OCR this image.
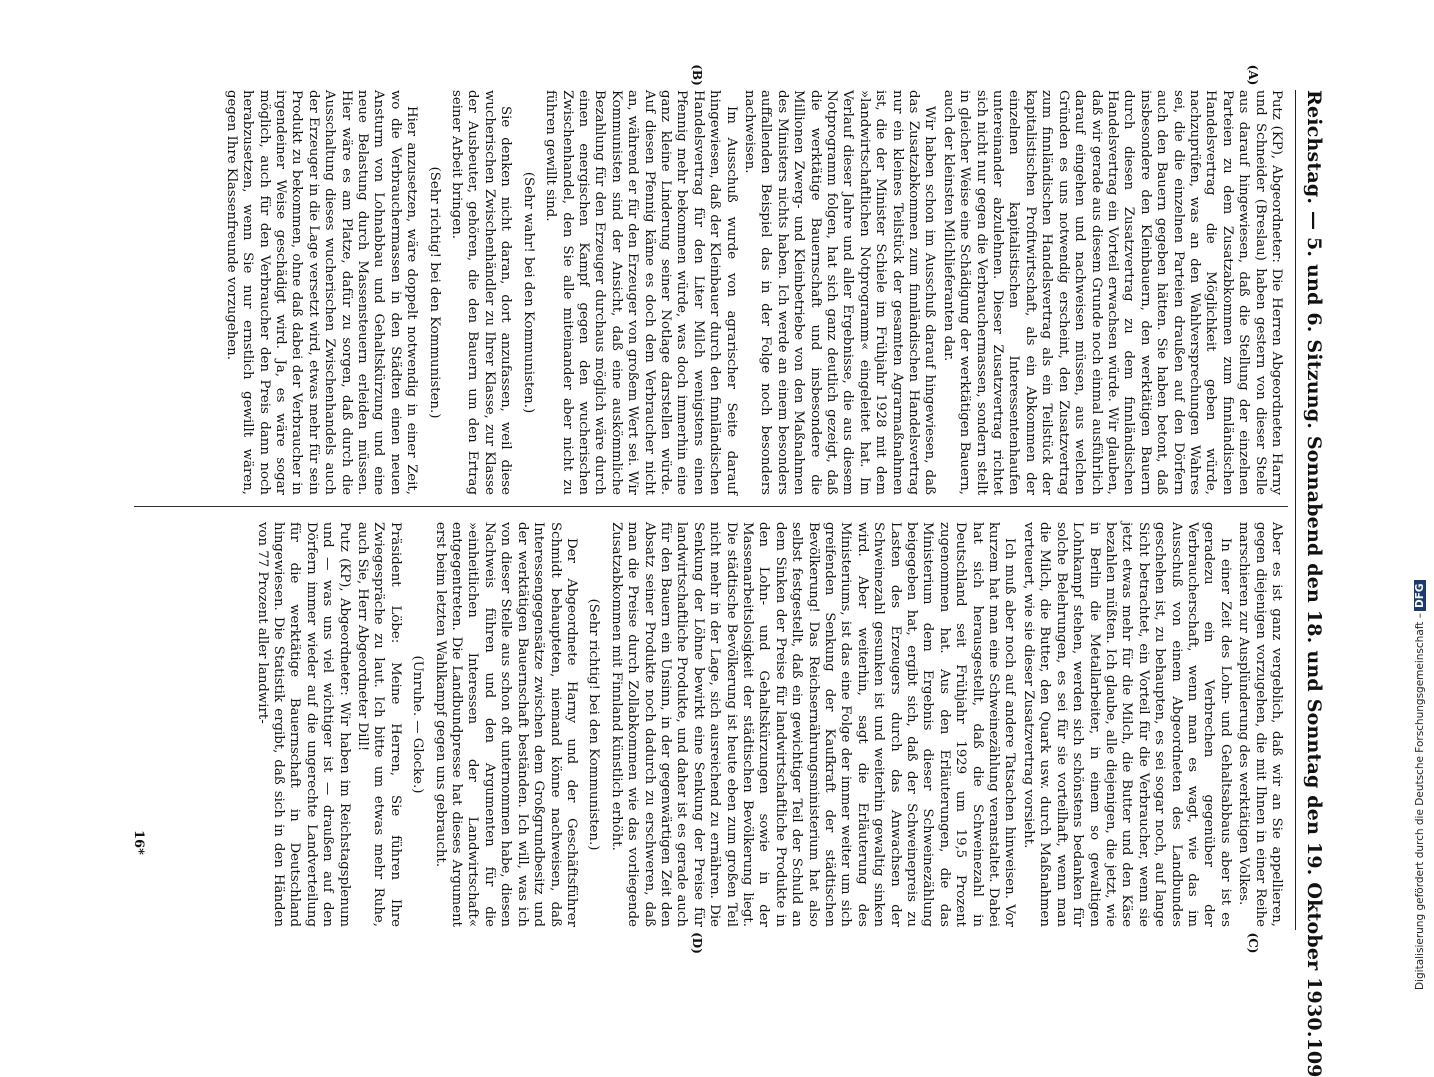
Reichstag. — 5. und 6. Sitzung. Sonnabend den 18. und Sonntag den 19. Oktober 1930.
109
(A)
(B)
(C)
(D)

Putz (KP), Abgeordneter: Die Herren Abgeordneten Harny und Schneider (Breslau) haben gestern von dieser Stelle aus darauf hingewiesen, daß die Stellung der einzelnen Parteien zu dem Zusatzabkommen zum finnländischen Handelsvertrag die Möglichkeit geben würde, nachzuprüfen, was an den Wahlversprechungen Wahres sei, die die einzelnen Parteien draußen auf den Dörfern auch den Bauern gegeben hätten. Sie haben betont, daß insbesondere den Kleinbauern, den werktätigen Bauern durch diesen Zusatzvertrag zu dem finnländischen Handelsvertrag ein Vorteil erwachsen würde. Wir glauben, daß wir gerade aus diesem Grunde noch einmal ausführlich darauf eingehen und nachweisen müssen, aus welchen Gründen es uns notwendig erscheint, den Zusatzvertrag zum finnländischen Handelsvertrag als ein Teilstück der kapitalistischen Profitwirtschaft, als ein Abkommen der einzelnen kapitalistischen Interessentenhaufen untereinander abzulehnen. Dieser Zusatzvertrag richtet sich nicht nur gegen die Verbrauchermassen, sondern stellt in gleicher Weise eine Schädigung der werktätigen Bauern, auch der kleinsten Milchlieferanten dar.

Wir haben schon im Ausschuß darauf hingewiesen, daß das Zusatzabkommen zum finnländischen Handelsvertrag nur ein kleines Teilstück der gesamten Agrarmaßnahmen ist, die der Minister Schiele im Frühjahr 1928 mit dem »landwirtschaftlichen Notprogramm« eingeleitet hat. Im Verlauf dieser Jahre und aller Ergebnisse, die aus diesem Notprogramm folgen, hat sich ganz deutlich gezeigt, daß die werktätige Bauernschaft und insbesondere die Millionen Zwerg- und Kleinbetriebe von den Maßnahmen des Ministers nichts haben. Ich werde an einem besonders auffallenden Beispiel das in der Folge noch besonders nachweisen.

Im Ausschuß wurde von agrarischer Seite darauf hingewiesen, daß der Kleinbauer durch den finnländischen Handelsvertrag für den Liter Milch wenigstens einen Pfennig mehr bekommen würde, was doch immerhin eine ganz kleine Linderung seiner Notlage darstellen würde. Auf diesen Pfennig käme es doch dem Verbraucher nicht an, während er für den Erzeuger von großem Wert sei. Wir Kommunisten sind der Ansicht, daß eine auskömmliche Bezahlung für den Erzeuger durchaus möglich wäre durch einen energischen Kampf gegen den wucherischen Zwischenhandel, den Sie alle miteinander aber nicht zu führen gewillt sind.

(Sehr wahr! bei den Kommunisten.)

Sie denken nicht daran, dort anzufassen, weil diese wucherischen Zwischenhändler zu Ihrer Klasse, zur Klasse der Ausbeuter, gehören, die den Bauern um den Ertrag seiner Arbeit bringen.

(Sehr richtig! bei den Kommunisten.)

Hier anzusetzen, wäre doppelt notwendig in einer Zeit, wo die Verbrauchermassen in den Städten einen neuen Ansturm von Lohnabbau und Gehaltskürzung und eine neue Belastung durch Massensteuern erleiden müssen. Hier wäre es am Platze, dafür zu sorgen, daß durch die Ausschaltung dieses wucherischen Zwischenhandels auch der Erzeuger in die Lage versetzt wird, etwas mehr für sein Produkt zu bekommen, ohne daß dabei der Verbraucher in irgendeiner Weise geschädigt wird. Ja, es wäre sogar möglich, auch für den Verbraucher den Preis dann noch herabzusetzen, wenn Sie nur ernstlich gewillt wären, gegen Ihre Klassenfreunde vorzugehen.

Aber es ist ganz vergeblich, daß wir an Sie appellieren, gegen diejenigen vorzugehen, die mit Ihnen in einer Reihe marschieren zur Ausplünderung des werktätigen Volkes.

In einer Zeit des Lohn- und Gehaltsabbaus aber ist es geradezu ein Verbrechen gegenüber der Verbraucherschaft, wenn man es wagt, wie das im Ausschuß von einem Abgeordneten des Landbundes geschehen ist, zu behaupten, es sei sogar noch, auf lange Sicht betrachtet, ein Vorteil für die Verbraucher, wenn sie jetzt etwas mehr für die Milch, die Butter und den Käse bezahlen müßten. Ich glaube, alle diejenigen, die jetzt, wie in Berlin die Metallarbeiter, in einem so gewaltigen Lohnkampf stehen, werden sich schönstens bedanken für solche Belehrungen, es sei für sie vorteilhaft, wenn man die Milch, die Butter, den Quark usw. durch Maßnahmen verteuert, wie sie dieser Zusatzvertrag vorsieht.

Ich muß aber noch auf andere Tatsachen hinweisen. Vor kurzem hat man eine Schweinezählung veranstaltet. Dabei hat sich herausgestellt, daß die Schweinezahl in Deutschland seit Frühjahr 1929 um 19,5 Prozent zugenommen hat. Aus den Erläuterungen, die das Ministerium dem Ergebnis dieser Schweinezählung beigegeben hat, ergibt sich, daß der Schweinepreis zu Lasten des Erzeugers durch das Anwachsen der Schweinezahl gesunken ist und weiterhin gewaltig sinken wird. Aber weiterhin, sagt die Erläuterung des Ministeriums, ist das eine Folge der immer weiter um sich greifenden Senkung der Kaufkraft der städtischen Bevölkerung! Das Reichsernährungsministerium hat also selbst festgestellt, daß ein gewichtiger Teil der Schuld an dem Sinken der Preise für landwirtschaftliche Produkte in den Lohn- und Gehaltskürzungen sowie in der Massenarbeitslosigkeit der städtischen Bevölkerung liegt. Die städtische Bevölkerung ist heute eben zum großen Teil nicht mehr in der Lage, sich ausreichend zu ernähren. Die Senkung der Löhne bewirkt eine Senkung der Preise für landwirtschaftliche Produkte, und daher ist es gerade auch für den Bauern ein Unsinn, in der gegenwärtigen Zeit den Absatz seiner Produkte noch dadurch zu erschweren, daß man die Preise durch Zollabkommen wie das vorliegende Zusatzabkommen mit Finnland künstlich erhöht.

(Sehr richtig! bei den Kommunisten.)

Der Abgeordnete Harny und der Geschäftsführer Schmidt behaupteten, niemand könne nachweisen, daß Interessengegensätze zwischen dem Großgrundbesitz und der werktätigen Bauernschaft beständen. Ich will, was ich von dieser Stelle aus schon oft unternommen habe, diesen Nachweis führen und den Argumenten für die »einheitlichen Interessen der Landwirtschaft« entgegentreten. Die Landbundpresse hat dieses Argument erst beim letzten Wahlkampf gegen uns gebraucht.

(Unruhe. — Glocke.)

Präsident Löbe: Meine Herren, Sie führen Ihre Zwiegespräche zu laut. Ich bitte um etwas mehr Ruhe, auch Sie, Herr Abgeordneter Dill!

Putz (KP), Abgeordneter: Wir haben im Reichstagsplenum und — was uns viel wichtiger ist — draußen auf den Dörfern immer wieder auf die ungerechte Landverteilung für die werktätige Bauernschaft in Deutschland hingewiesen. Die Statistik ergibt, daß sich in den Händen von 77 Prozent aller landwirt-

16*	Digitalisierung gefördert durch die Deutsche Forschungsgemeinschaft –DFG
